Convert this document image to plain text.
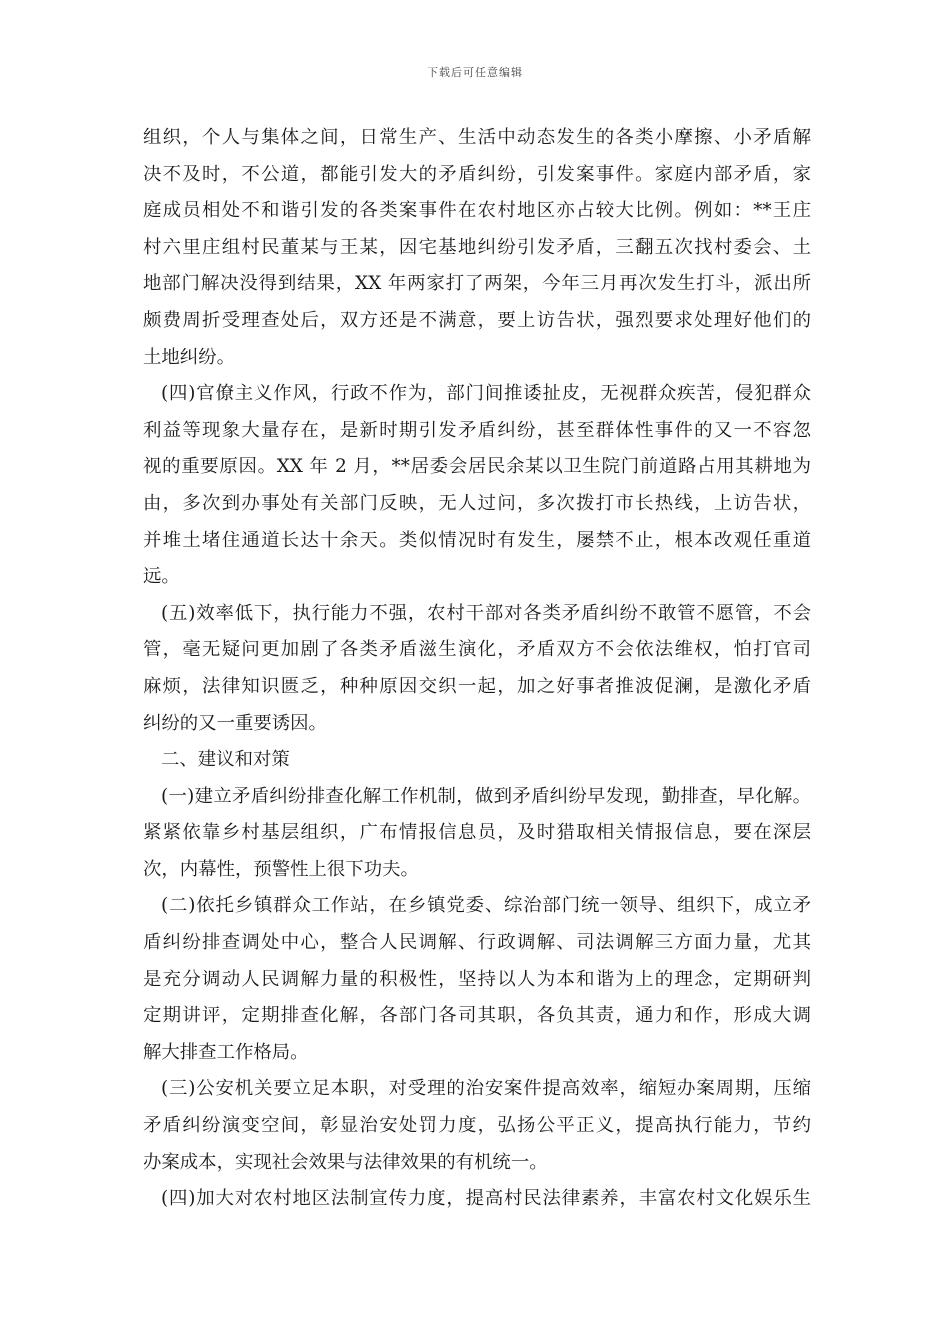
下载后可任意编辑
组织，个人与集体之间，日常生产、生活中动态发生的各类小摩擦、小矛盾解
决不及时，不公道，都能引发大的矛盾纠纷，引发案事件。家庭内部矛盾，家
庭成员相处不和谐引发的各类案事件在农村地区亦占较大比例。例如：**王庄
村六里庄组村民董某与王某，因宅基地纠纷引发矛盾，三翻五次找村委会、土
地部门解决没得到结果，XX 年两家打了两架，今年三月再次发生打斗，派出所
颇费周折受理查处后，双方还是不满意，要上访告状，强烈要求处理好他们的
土地纠纷。
(四)官僚主义作风，行政不作为，部门间推诿扯皮，无视群众疾苦，侵犯群众
利益等现象大量存在，是新时期引发矛盾纠纷，甚至群体性事件的又一不容忽
视的重要原因。XX 年 2 月，**居委会居民余某以卫生院门前道路占用其耕地为
由，多次到办事处有关部门反映，无人过问，多次拨打市长热线，上访告状，
并堆土堵住通道长达十余天。类似情况时有发生，屡禁不止，根本改观任重道
远。
(五)效率低下，执行能力不强，农村干部对各类矛盾纠纷不敢管不愿管，不会
管，毫无疑问更加剧了各类矛盾滋生演化，矛盾双方不会依法维权，怕打官司
麻烦，法律知识匮乏，种种原因交织一起，加之好事者推波促澜，是激化矛盾
纠纷的又一重要诱因。
二、建议和对策
(一)建立矛盾纠纷排查化解工作机制，做到矛盾纠纷早发现，勤排查，早化解。
紧紧依靠乡村基层组织，广布情报信息员，及时猎取相关情报信息，要在深层
次，内幕性，预警性上很下功夫。
(二)依托乡镇群众工作站，在乡镇党委、综治部门统一领导、组织下，成立矛
盾纠纷排查调处中心，整合人民调解、行政调解、司法调解三方面力量，尤其
是充分调动人民调解力量的积极性，坚持以人为本和谐为上的理念，定期研判
定期讲评，定期排查化解，各部门各司其职，各负其责，通力和作，形成大调
解大排查工作格局。
(三)公安机关要立足本职，对受理的治安案件提高效率，缩短办案周期，压缩
矛盾纠纷演变空间，彰显治安处罚力度，弘扬公平正义，提高执行能力，节约
办案成本，实现社会效果与法律效果的有机统一。
(四)加大对农村地区法制宣传力度，提高村民法律素养，丰富农村文化娱乐生
